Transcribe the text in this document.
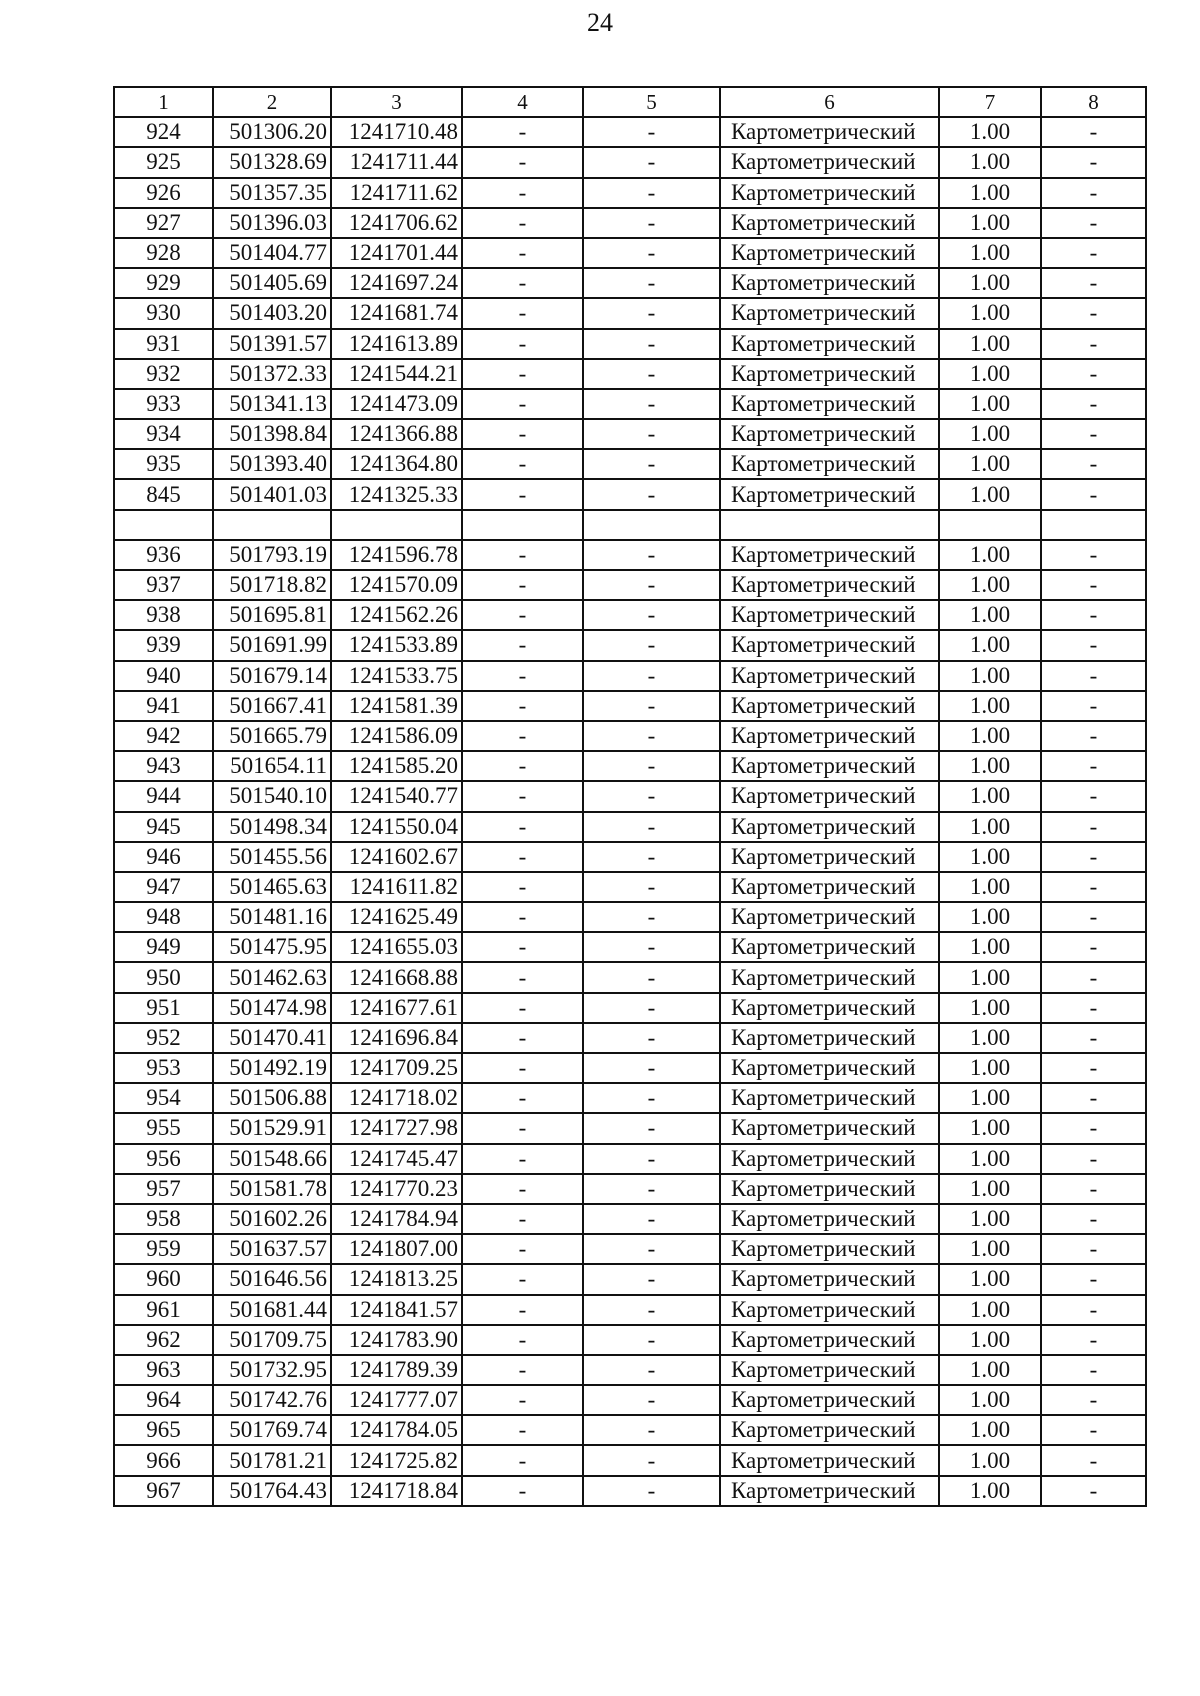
24
1	2	3	4	5	6	7	8
924	501306.20	1241710.48	-	-	Картометрический	1.00	-
925	501328.69	1241711.44	-	-	Картометрический	1.00	-
926	501357.35	1241711.62	-	-	Картометрический	1.00	-
927	501396.03	1241706.62	-	-	Картометрический	1.00	-
928	501404.77	1241701.44	-	-	Картометрический	1.00	-
929	501405.69	1241697.24	-	-	Картометрический	1.00	-
930	501403.20	1241681.74	-	-	Картометрический	1.00	-
931	501391.57	1241613.89	-	-	Картометрический	1.00	-
932	501372.33	1241544.21	-	-	Картометрический	1.00	-
933	501341.13	1241473.09	-	-	Картометрический	1.00	-
934	501398.84	1241366.88	-	-	Картометрический	1.00	-
935	501393.40	1241364.80	-	-	Картометрический	1.00	-
845	501401.03	1241325.33	-	-	Картометрический	1.00	-

936	501793.19	1241596.78	-	-	Картометрический	1.00	-
937	501718.82	1241570.09	-	-	Картометрический	1.00	-
938	501695.81	1241562.26	-	-	Картометрический	1.00	-
939	501691.99	1241533.89	-	-	Картометрический	1.00	-
940	501679.14	1241533.75	-	-	Картометрический	1.00	-
941	501667.41	1241581.39	-	-	Картометрический	1.00	-
942	501665.79	1241586.09	-	-	Картометрический	1.00	-
943	501654.11	1241585.20	-	-	Картометрический	1.00	-
944	501540.10	1241540.77	-	-	Картометрический	1.00	-
945	501498.34	1241550.04	-	-	Картометрический	1.00	-
946	501455.56	1241602.67	-	-	Картометрический	1.00	-
947	501465.63	1241611.82	-	-	Картометрический	1.00	-
948	501481.16	1241625.49	-	-	Картометрический	1.00	-
949	501475.95	1241655.03	-	-	Картометрический	1.00	-
950	501462.63	1241668.88	-	-	Картометрический	1.00	-
951	501474.98	1241677.61	-	-	Картометрический	1.00	-
952	501470.41	1241696.84	-	-	Картометрический	1.00	-
953	501492.19	1241709.25	-	-	Картометрический	1.00	-
954	501506.88	1241718.02	-	-	Картометрический	1.00	-
955	501529.91	1241727.98	-	-	Картометрический	1.00	-
956	501548.66	1241745.47	-	-	Картометрический	1.00	-
957	501581.78	1241770.23	-	-	Картометрический	1.00	-
958	501602.26	1241784.94	-	-	Картометрический	1.00	-
959	501637.57	1241807.00	-	-	Картометрический	1.00	-
960	501646.56	1241813.25	-	-	Картометрический	1.00	-
961	501681.44	1241841.57	-	-	Картометрический	1.00	-
962	501709.75	1241783.90	-	-	Картометрический	1.00	-
963	501732.95	1241789.39	-	-	Картометрический	1.00	-
964	501742.76	1241777.07	-	-	Картометрический	1.00	-
965	501769.74	1241784.05	-	-	Картометрический	1.00	-
966	501781.21	1241725.82	-	-	Картометрический	1.00	-
967	501764.43	1241718.84	-	-	Картометрический	1.00	-
